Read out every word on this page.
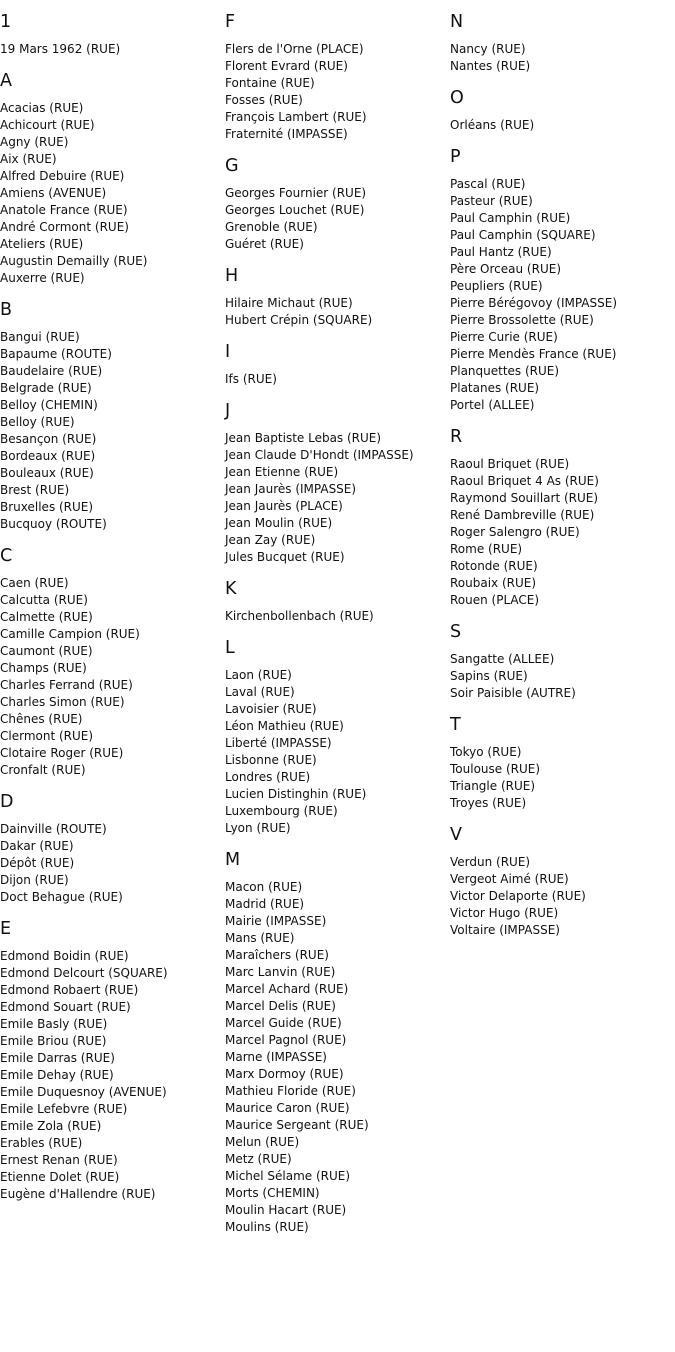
1
19 Mars 1962 (RUE)
A
Acacias (RUE)
Achicourt (RUE)
Agny (RUE)
Aix (RUE)
Alfred Debuire (RUE)
Amiens (AVENUE)
Anatole France (RUE)
André Cormont (RUE)
Ateliers (RUE)
Augustin Demailly (RUE)
Auxerre (RUE)
B
Bangui (RUE)
Bapaume (ROUTE)
Baudelaire (RUE)
Belgrade (RUE)
Belloy (CHEMIN)
Belloy (RUE)
Besançon (RUE)
Bordeaux (RUE)
Bouleaux (RUE)
Brest (RUE)
Bruxelles (RUE)
Bucquoy (ROUTE)
C
Caen (RUE)
Calcutta (RUE)
Calmette (RUE)
Camille Campion (RUE)
Caumont (RUE)
Champs (RUE)
Charles Ferrand (RUE)
Charles Simon (RUE)
Chênes (RUE)
Clermont (RUE)
Clotaire Roger (RUE)
Cronfalt (RUE)
D
Dainville (ROUTE)
Dakar (RUE)
Dépôt (RUE)
Dijon (RUE)
Doct Behague (RUE)
E
Edmond Boidin (RUE)
Edmond Delcourt (SQUARE)
Edmond Robaert (RUE)
Edmond Souart (RUE)
Emile Basly (RUE)
Emile Briou (RUE)
Emile Darras (RUE)
Emile Dehay (RUE)
Emile Duquesnoy (AVENUE)
Emile Lefebvre (RUE)
Emile Zola (RUE)
Erables (RUE)
Ernest Renan (RUE)
Etienne Dolet (RUE)
Eugène d'Hallendre (RUE)
F
Flers de l'Orne (PLACE)
Florent Evrard (RUE)
Fontaine (RUE)
Fosses (RUE)
François Lambert (RUE)
Fraternité (IMPASSE)
G
Georges Fournier (RUE)
Georges Louchet (RUE)
Grenoble (RUE)
Guéret (RUE)
H
Hilaire Michaut (RUE)
Hubert Crépin (SQUARE)
I
Ifs (RUE)
J
Jean Baptiste Lebas (RUE)
Jean Claude D'Hondt (IMPASSE)
Jean Etienne (RUE)
Jean Jaurès (IMPASSE)
Jean Jaurès (PLACE)
Jean Moulin (RUE)
Jean Zay (RUE)
Jules Bucquet (RUE)
K
Kirchenbollenbach (RUE)
L
Laon (RUE)
Laval (RUE)
Lavoisier (RUE)
Léon Mathieu (RUE)
Liberté (IMPASSE)
Lisbonne (RUE)
Londres (RUE)
Lucien Distinghin (RUE)
Luxembourg (RUE)
Lyon (RUE)
M
Macon (RUE)
Madrid (RUE)
Mairie (IMPASSE)
Mans (RUE)
Maraîchers (RUE)
Marc Lanvin (RUE)
Marcel Achard (RUE)
Marcel Delis (RUE)
Marcel Guide (RUE)
Marcel Pagnol (RUE)
Marne (IMPASSE)
Marx Dormoy (RUE)
Mathieu Floride (RUE)
Maurice Caron (RUE)
Maurice Sergeant (RUE)
Melun (RUE)
Metz (RUE)
Michel Sélame (RUE)
Morts (CHEMIN)
Moulin Hacart (RUE)
Moulins (RUE)
N
Nancy (RUE)
Nantes (RUE)
O
Orléans (RUE)
P
Pascal (RUE)
Pasteur (RUE)
Paul Camphin (RUE)
Paul Camphin (SQUARE)
Paul Hantz (RUE)
Père Orceau (RUE)
Peupliers (RUE)
Pierre Bérégovoy (IMPASSE)
Pierre Brossolette (RUE)
Pierre Curie (RUE)
Pierre Mendès France (RUE)
Planquettes (RUE)
Platanes (RUE)
Portel (ALLEE)
R
Raoul Briquet (RUE)
Raoul Briquet 4 As (RUE)
Raymond Souillart (RUE)
René Dambreville (RUE)
Roger Salengro (RUE)
Rome (RUE)
Rotonde (RUE)
Roubaix (RUE)
Rouen (PLACE)
S
Sangatte (ALLEE)
Sapins (RUE)
Soir Paisible (AUTRE)
T
Tokyo (RUE)
Toulouse (RUE)
Triangle (RUE)
Troyes (RUE)
V
Verdun (RUE)
Vergeot Aimé (RUE)
Victor Delaporte (RUE)
Victor Hugo (RUE)
Voltaire (IMPASSE)
